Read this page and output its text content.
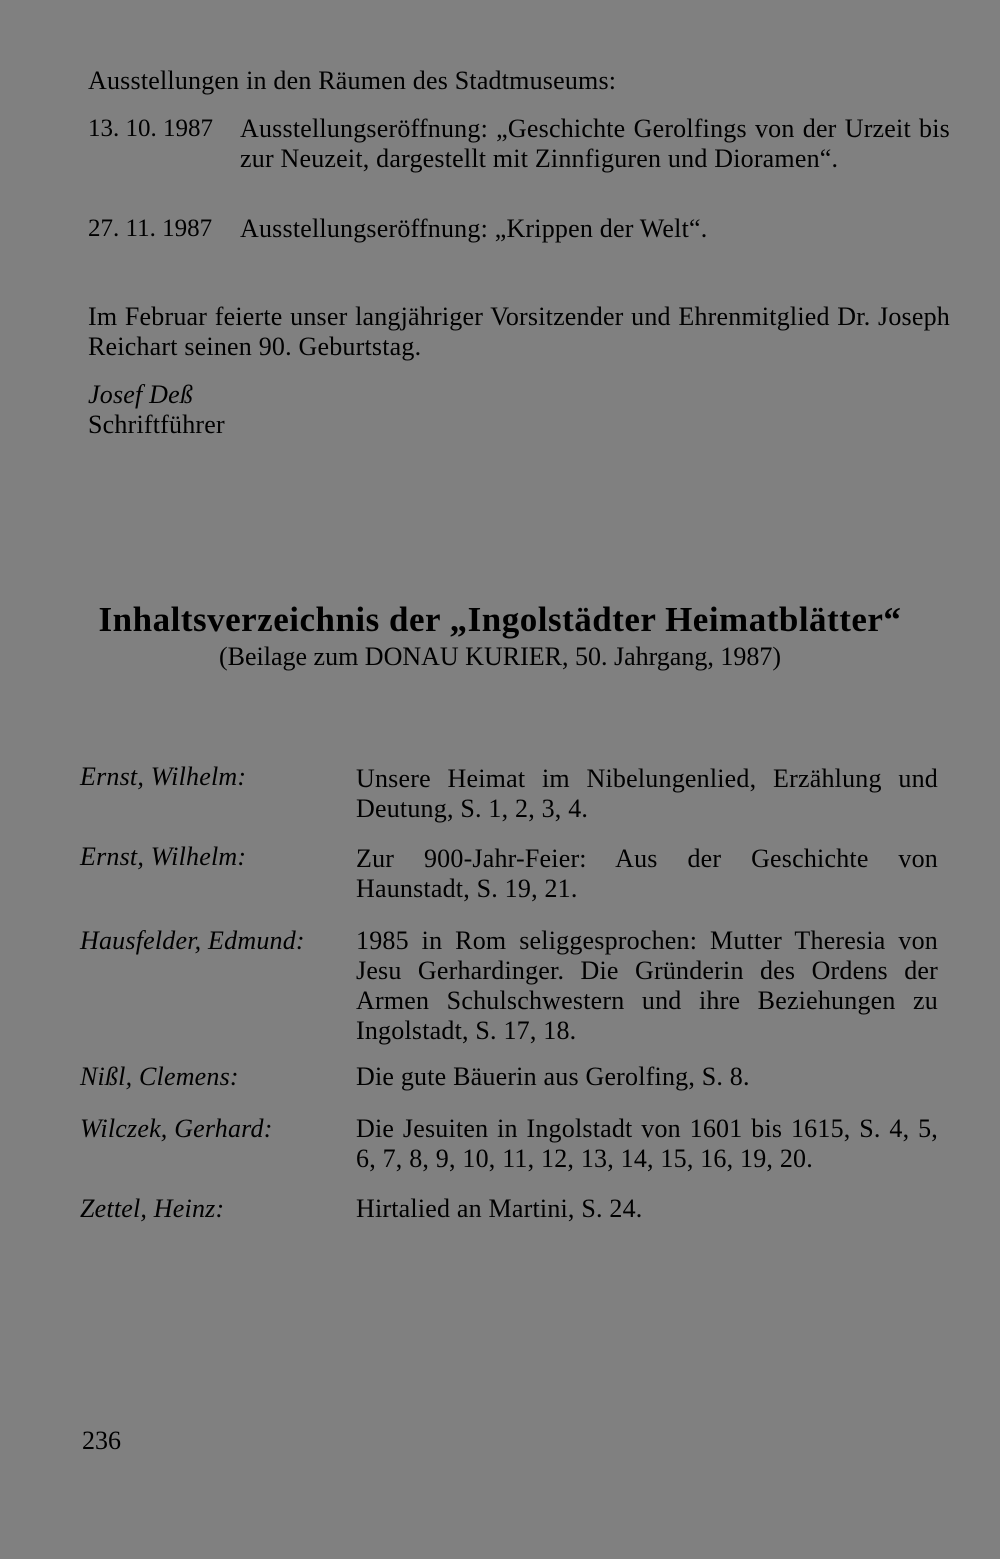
Ausstellungen in den Räumen des Stadtmuseums:

13. 10. 1987 Ausstellungseröffnung: „Geschichte Gerolfings von der Urzeit bis zur Neuzeit, dargestellt mit Zinnfiguren und Dioramen“.

27. 11. 1987 Ausstellungseröffnung: „Krippen der Welt“.

Im Februar feierte unser langjähriger Vorsitzender und Ehrenmitglied Dr. Joseph Reichart seinen 90. Geburtstag.

Josef Deß

Schriftführer

Inhaltsverzeichnis der „Ingolstädter Heimatblätter“

(Beilage zum DONAU KURIER, 50. Jahrgang, 1987)

Ernst, Wilhelm:	Unsere Heimat im Nibelungenlied, Erzählung und Deutung, S. 1, 2, 3, 4.

Ernst, Wilhelm:	Zur 900-Jahr-Feier: Aus der Geschichte von Haunstadt, S. 19, 21.

Hausfelder, Edmund:	1985 in Rom seliggesprochen: Mutter Theresia von Jesu Gerhardinger. Die Gründerin des Ordens der Armen Schulschwestern und ihre Beziehungen zu Ingolstadt, S. 17, 18.

Nißl, Clemens:	Die gute Bäuerin aus Gerolfing, S. 8.

Wilczek, Gerhard:	Die Jesuiten in Ingolstadt von 1601 bis 1615, S. 4, 5, 6, 7, 8, 9, 10, 11, 12, 13, 14, 15, 16, 19, 20.

Zettel, Heinz:	Hirtalied an Martini, S. 24.

236
